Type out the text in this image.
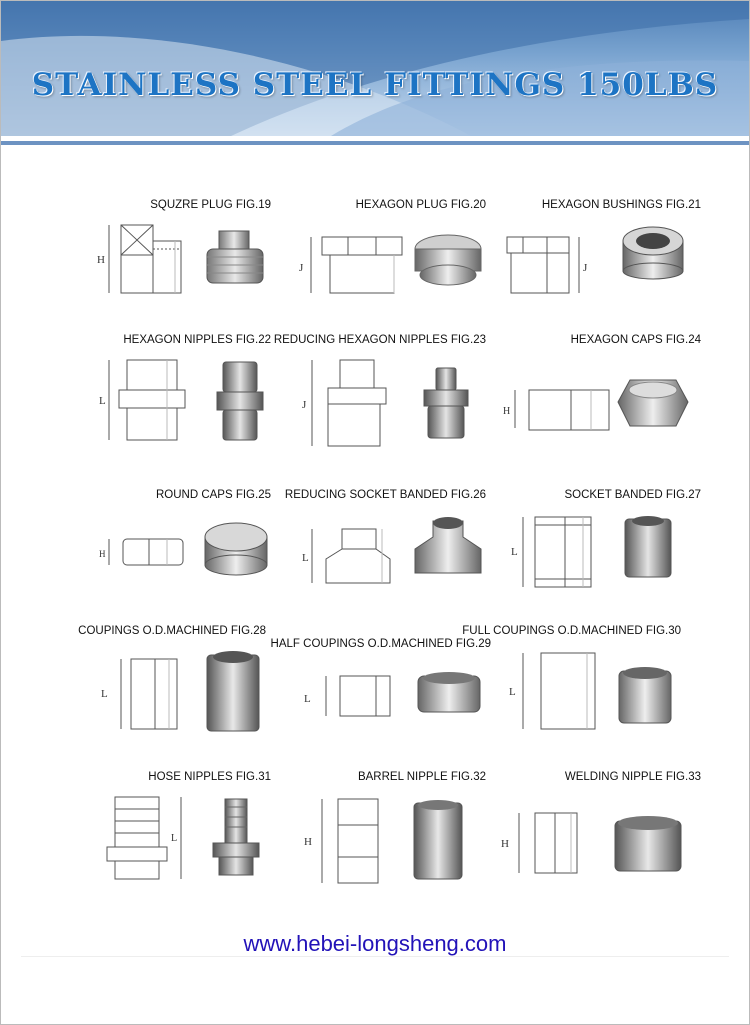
STAINLESS STEEL FITTINGS 150LBS
SQUZRE PLUG FIG.19
H
HEXAGON PLUG FIG.20
J
HEXAGON BUSHINGS FIG.21
J
HEXAGON NIPPLES FIG.22
L
REDUCING HEXAGON NIPPLES FIG.23
J
HEXAGON CAPS FIG.24
H
ROUND CAPS FIG.25
H
REDUCING SOCKET BANDED FIG.26
L
SOCKET BANDED FIG.27
L
COUPINGS O.D.MACHINED FIG.28
L
HALF COUPINGS O.D.MACHINED FIG.29
L
FULL COUPINGS O.D.MACHINED FIG.30
L
HOSE NIPPLES FIG.31
L
BARREL NIPPLE FIG.32
H
WELDING NIPPLE FIG.33
H

www.hebei-longsheng.com
